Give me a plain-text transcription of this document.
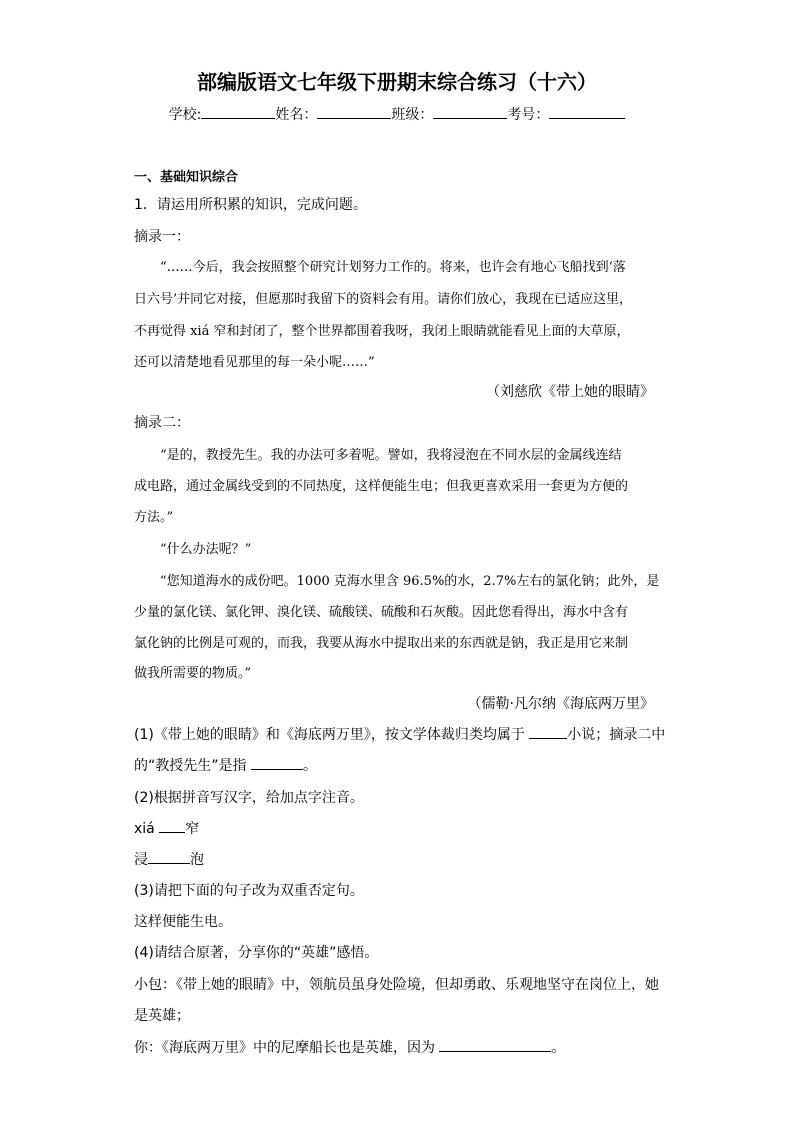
部编版语文七年级下册期末综合练习（十六）
学校:	姓名：	班级：	考号：
一、基础知识综合
1．请运用所积累的知识，完成问题。
摘录一：
“……今后，我会按照整个研究计划努力工作的。将来，也许会有地心飞船找到‘落
日六号’并同它对接，但愿那时我留下的资料会有用。请你们放心，我现在已适应这里，
不再觉得 xiá 窄和封闭了，整个世界都围着我呀，我闭上眼睛就能看见上面的大草原，
还可以清楚地看见那里的每一朵小呢……”
（刘慈欣《带上她的眼睛》
摘录二：
“是的，教授先生。我的办法可多着呢。譬如，我将浸泡在不同水层的金属线连结
成电路，通过金属线受到的不同热度，这样便能生电；但我更喜欢采用一套更为方便的
方法。”
“什么办法呢？”
“您知道海水的成份吧。1000 克海水里含 96.5%的水，2.7%左右的氯化钠；此外，是
少量的氯化镁、氯化钾、溴化镁、硫酸镁、硫酸和石灰酸。因此您看得出，海水中含有
氯化钠的比例是可观的，而我，我要从海水中提取出来的东西就是钠，我正是用它来制
做我所需要的物质。”
（儒勒·凡尔纳《海底两万里》
(1)《带上她的眼睛》和《海底两万里》，按文学体裁归类均属于	小说；摘录二中
的“教授先生”是指	。
(2)根据拼音写汉字，给加点字注音。
xiá 窄
浸	泡
(3)请把下面的句子改为双重否定句。
这样便能生电。
(4)请结合原著，分享你的“英雄”感悟。
小包：《带上她的眼睛》中，领航员虽身处险境，但却勇敢、乐观地坚守在岗位上，她
是英雄；
你：《海底两万里》中的尼摩船长也是英雄，因为	。
